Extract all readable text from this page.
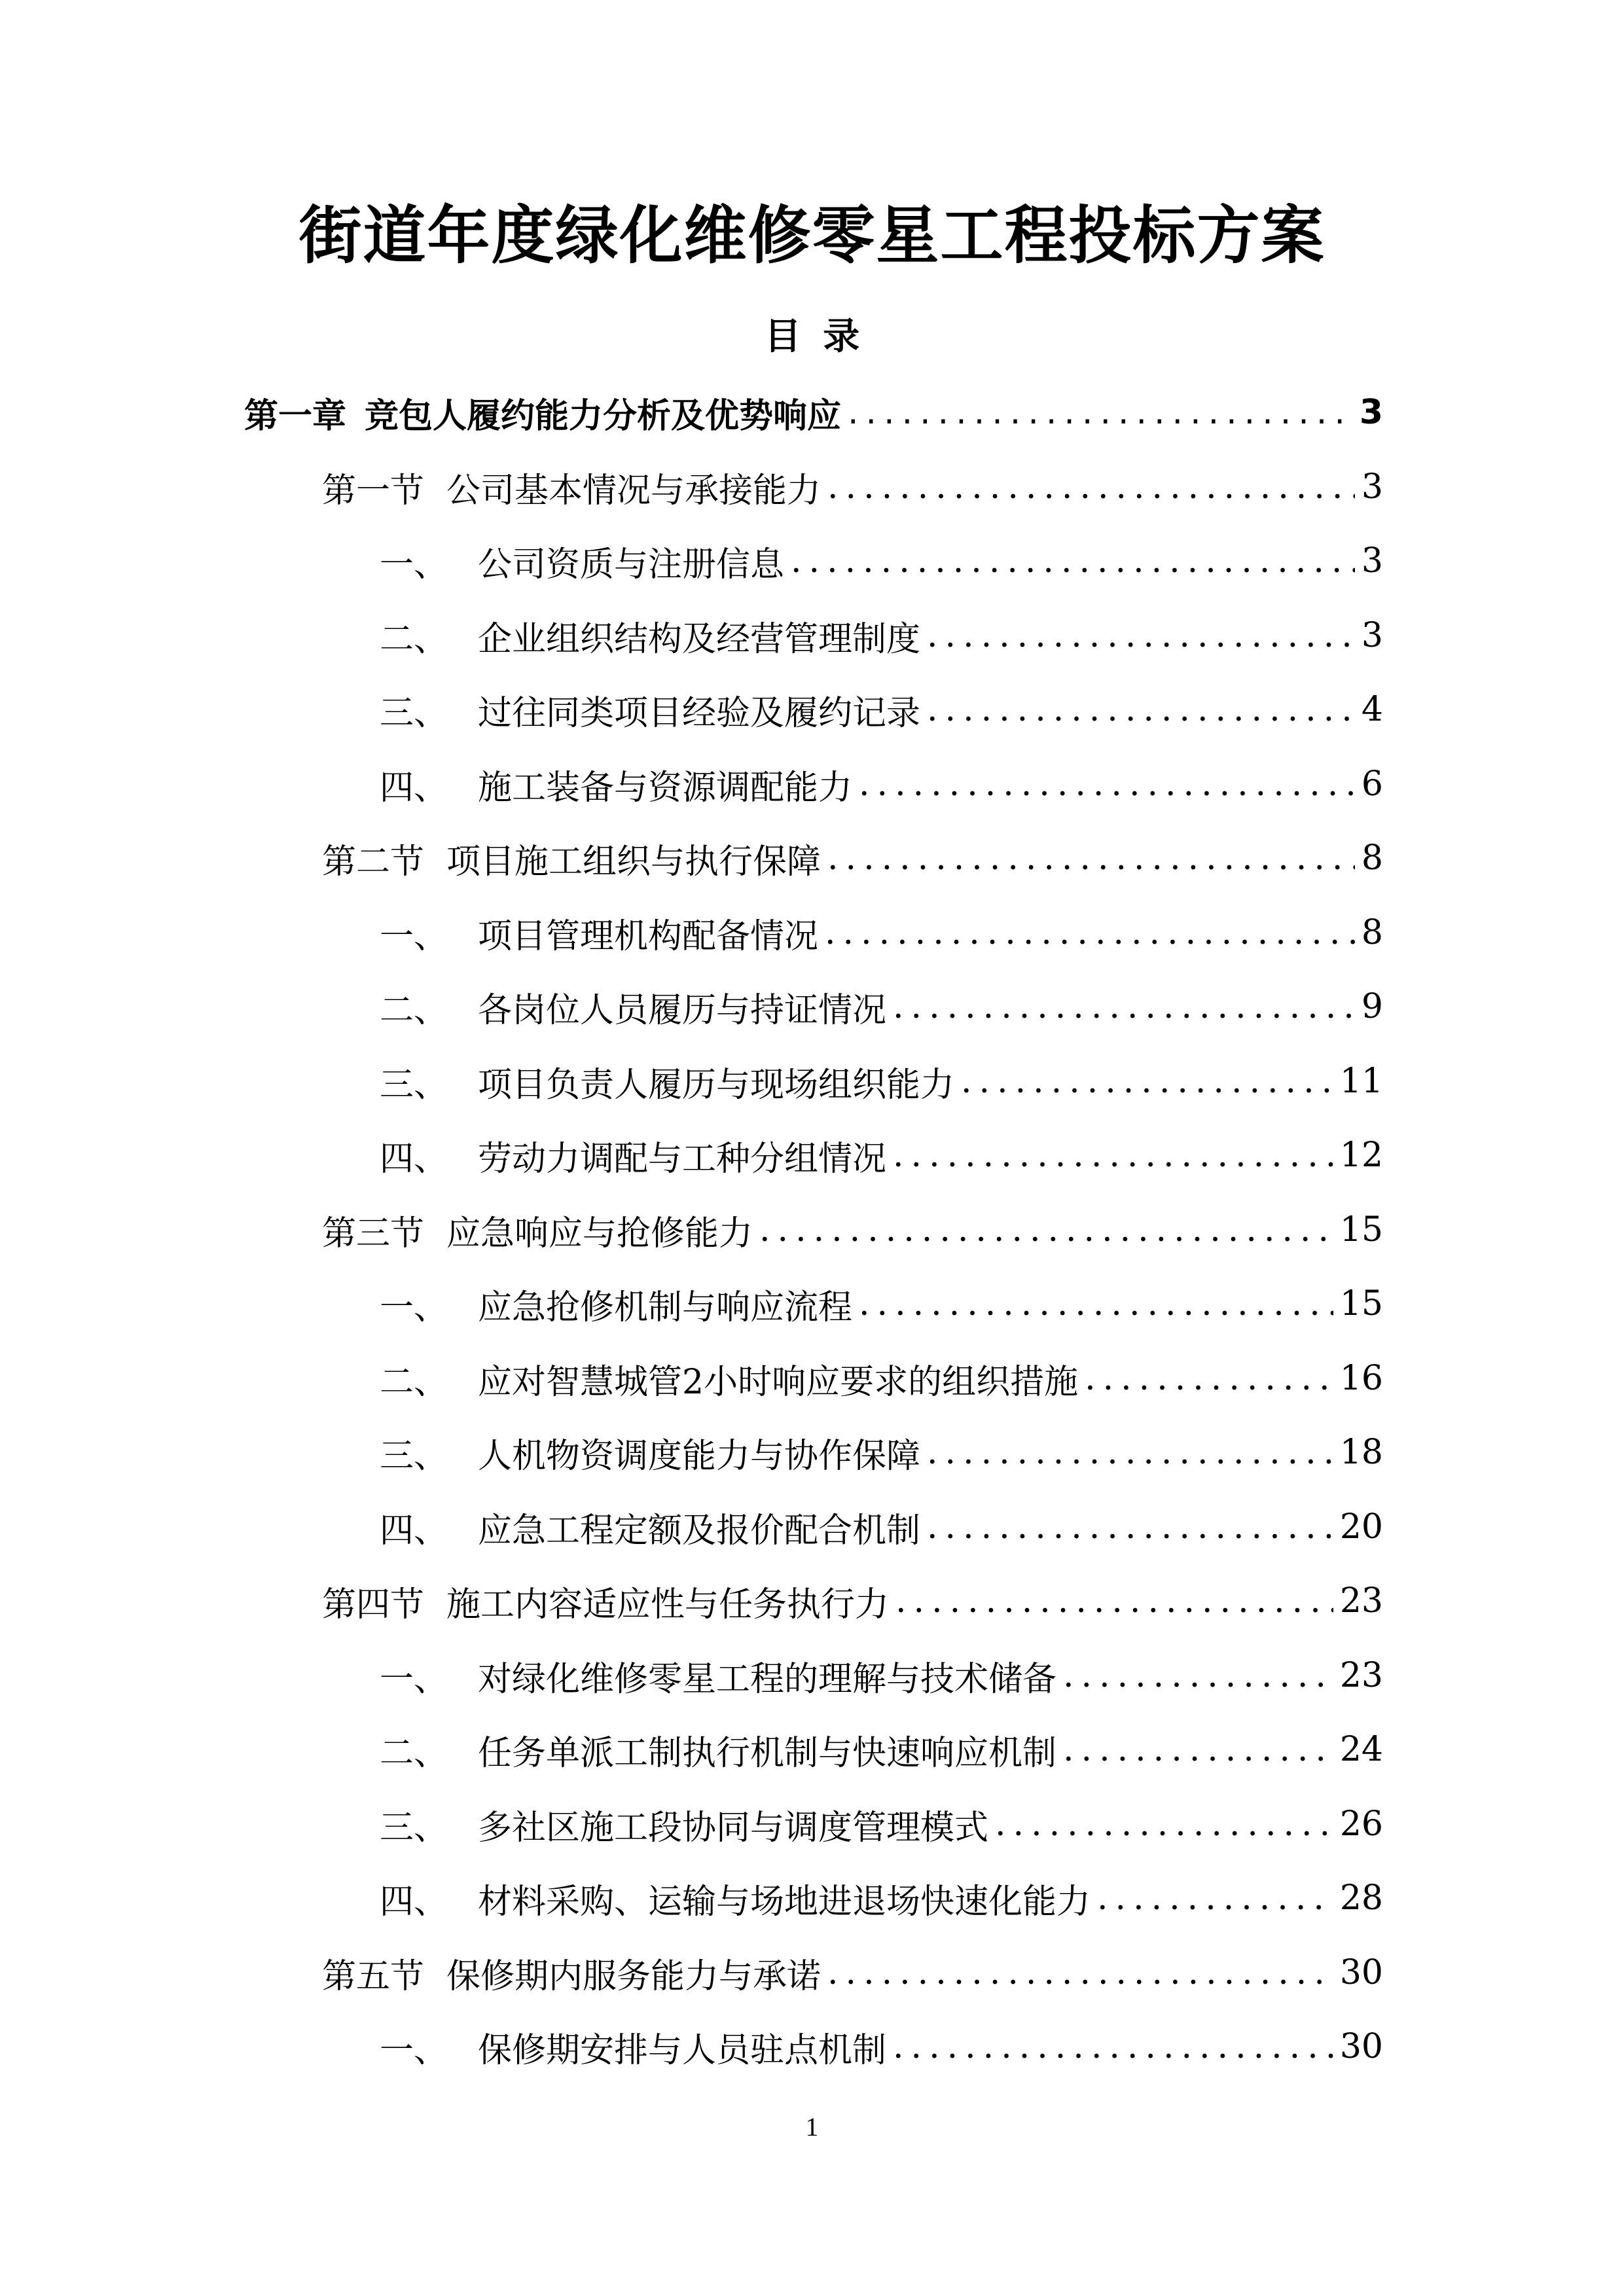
街道年度绿化维修零星工程投标方案
目 录
第一章 竞包人履约能力分析及优势响应 .....	3
第一节 公司基本情况与承接能力 .....	3
一、 公司资质与注册信息 .....	3
二、 企业组织结构及经营管理制度 .....	3
三、 过往同类项目经验及履约记录 .....	4
四、 施工装备与资源调配能力 .....	6
第二节 项目施工组织与执行保障 .....	8
一、 项目管理机构配备情况 .....	8
二、 各岗位人员履历与持证情况 .....	9
三、 项目负责人履历与现场组织能力 .....	11
四、 劳动力调配与工种分组情况 .....	12
第三节 应急响应与抢修能力 .....	15
一、 应急抢修机制与响应流程 .....	15
二、 应对智慧城管2小时响应要求的组织措施 .....	16
三、 人机物资调度能力与协作保障 .....	18
四、 应急工程定额及报价配合机制 .....	20
第四节 施工内容适应性与任务执行力 .....	23
一、 对绿化维修零星工程的理解与技术储备 .....	23
二、 任务单派工制执行机制与快速响应机制 .....	24
三、 多社区施工段协同与调度管理模式 .....	26
四、 材料采购、运输与场地进退场快速化能力 .....	28
第五节 保修期内服务能力与承诺 .....	30
一、 保修期安排与人员驻点机制 .....	30
1
